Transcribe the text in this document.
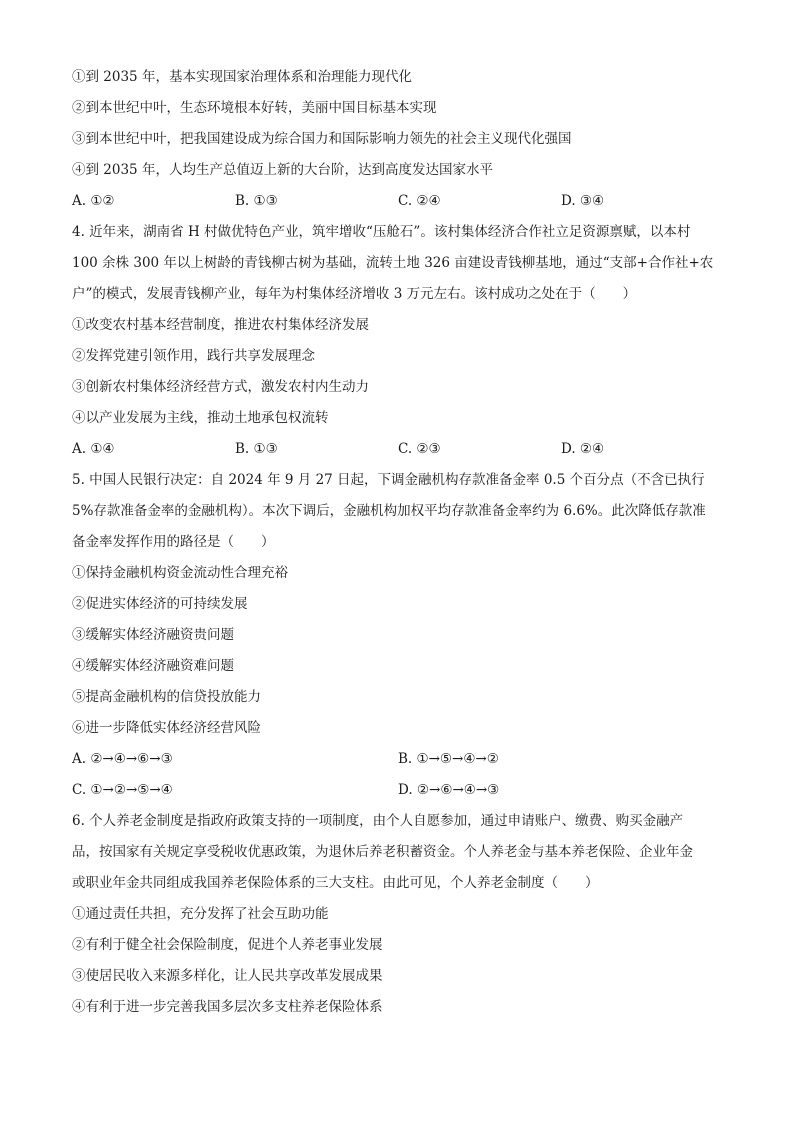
①到 2035 年，基本实现国家治理体系和治理能力现代化
②到本世纪中叶，生态环境根本好转，美丽中国目标基本实现
③到本世纪中叶，把我国建设成为综合国力和国际影响力领先的社会主义现代化强国
④到 2035 年，人均生产总值迈上新的大台阶，达到高度发达国家水平
A. ①②	B. ①③	C. ②④	D. ③④
4. 近年来，湖南省 H 村做优特色产业，筑牢增收“压舱石”。该村集体经济合作社立足资源禀赋，以本村
100 余株 300 年以上树龄的青钱柳古树为基础，流转土地 326 亩建设青钱柳基地，通过“支部+合作社+农
户”的模式，发展青钱柳产业，每年为村集体经济增收 3 万元左右。该村成功之处在于（　　）
①改变农村基本经营制度，推进农村集体经济发展
②发挥党建引领作用，践行共享发展理念
③创新农村集体经济经营方式，激发农村内生动力
④以产业发展为主线，推动土地承包权流转
A. ①④	B. ①③	C. ②③	D. ②④
5. 中国人民银行决定：自 2024 年 9 月 27 日起，下调金融机构存款准备金率 0.5 个百分点（不含已执行
5%存款准备金率的金融机构）。本次下调后，金融机构加权平均存款准备金率约为 6.6%。此次降低存款准
备金率发挥作用的路径是（　　）
①保持金融机构资金流动性合理充裕
②促进实体经济的可持续发展
③缓解实体经济融资贵问题
④缓解实体经济融资难问题
⑤提高金融机构的信贷投放能力
⑥进一步降低实体经济经营风险
A. ②→④→⑥→③	B. ①→⑤→④→②
C. ①→②→⑤→④	D. ②→⑥→④→③
6. 个人养老金制度是指政府政策支持的一项制度，由个人自愿参加，通过申请账户、缴费、购买金融产
品，按国家有关规定享受税收优惠政策，为退休后养老积蓄资金。个人养老金与基本养老保险、企业年金
或职业年金共同组成我国养老保险体系的三大支柱。由此可见，个人养老金制度（　　）
①通过责任共担，充分发挥了社会互助功能
②有利于健全社会保险制度，促进个人养老事业发展
③使居民收入来源多样化，让人民共享改革发展成果
④有利于进一步完善我国多层次多支柱养老保险体系
